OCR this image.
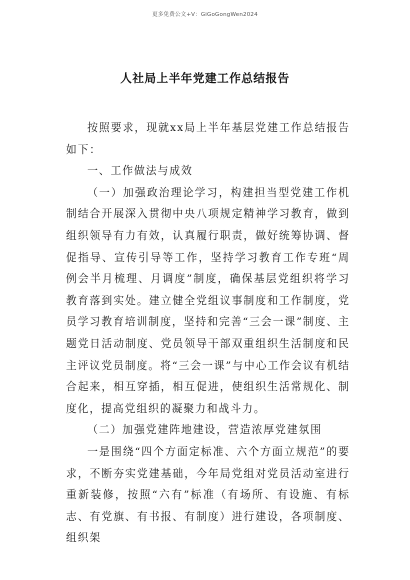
更多免费公文+V：GiGoGongWen2024
人社局上半年党建工作总结报告

按照要求，现就xx局上半年基层党建工作总结报告如下：

一、工作做法与成效

（一）加强政治理论学习，构建担当型党建工作机制结合开展深入贯彻中央八项规定精神学习教育，做到组织领导有力有效，认真履行职责，做好统筹协调、督促指导、宣传引导等工作，坚持学习教育工作专班“周例会半月梳理、月调度”制度，确保基层党组织将学习教育落到实处。建立健全党组议事制度和工作制度，党员学习教育培训制度，坚持和完善“三会一课”制度、主题党日活动制度、党员领导干部双重组织生活制度和民主评议党员制度。将“三会一课”与中心工作会议有机结合起来，相互穿插，相互促进，使组织生活常规化、制度化，提高党组织的凝聚力和战斗力。

（二）加强党建阵地建设，营造浓厚党建氛围

一是围绕“四个方面定标准、六个方面立规范”的要求，不断夯实党建基础，今年局党组对党员活动室进行重新装修，按照“六有”标准（有场所、有设施、有标志、有党旗、有书报、有制度）进行建设，各项制度、组织架
